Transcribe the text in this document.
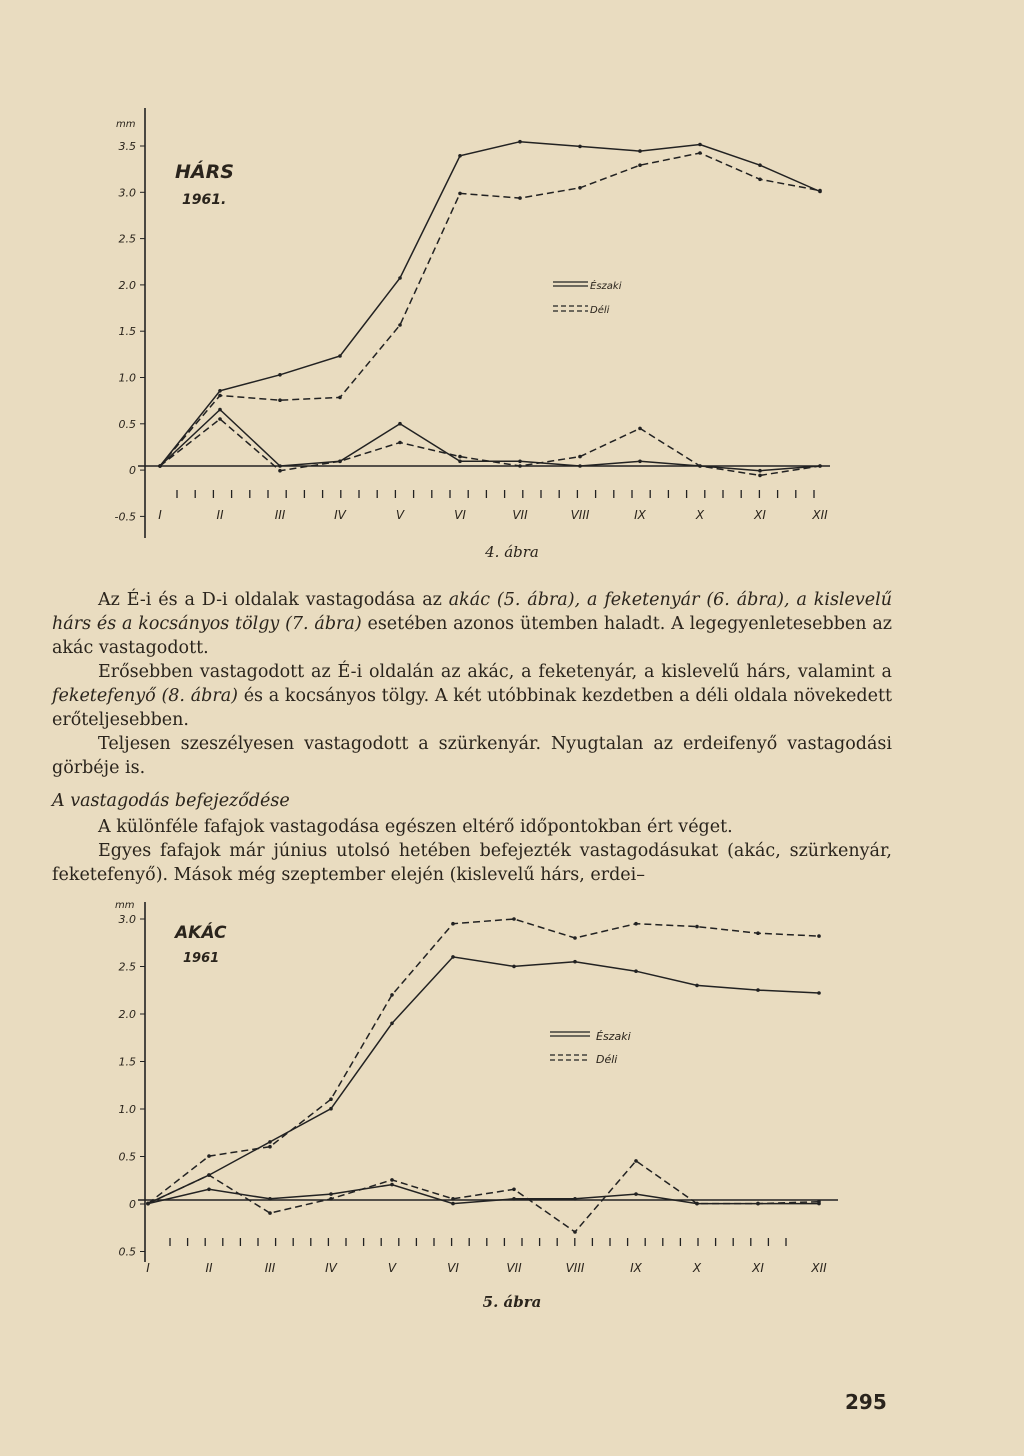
mm
HÁRS
1961.
3.5
3.0
2.5
2.0
1.5
1.0
0.5
0
-0.5 I	II	III	IV	V	VI	VII	VIII	IX	X	XI	XII
Északi
Déli
4. ábra

Az É-i és a D-i oldalak vastagodása az akác (5. ábra), a feketenyár (6. ábra), a kislevelű hárs és a kocsányos tölgy (7. ábra) esetében azonos ütemben haladt. A legegyenletesebben az akác vastagodott.

Erősebben vastagodott az É-i oldalán az akác, a feketenyár, a kislevelű hárs, valamint a feketefenyő (8. ábra) és a kocsányos tölgy. A két utóbbinak kezdetben a déli oldala növekedett erőteljesebben.

Teljesen szeszélyesen vastagodott a szürkenyár. Nyugtalan az erdeifenyő vastagodási görbéje is.

A vastagodás befejeződése

A különféle fafajok vastagodása egészen eltérő időpontokban ért véget.

Egyes fafajok már június utolsó hetében befejezték vastagodásukat (akác, szürkenyár, feketefenyő). Mások még szeptember elején (kislevelű hárs, erdei–

mm
AKÁC
1961
3.0
2.5
2.0
1.5
1.0
0.5
0
0.5
I	II	III	IV	V	VI	VII	VIII	IX	X	XI	XII
Északi
Déli
5. ábra
295
